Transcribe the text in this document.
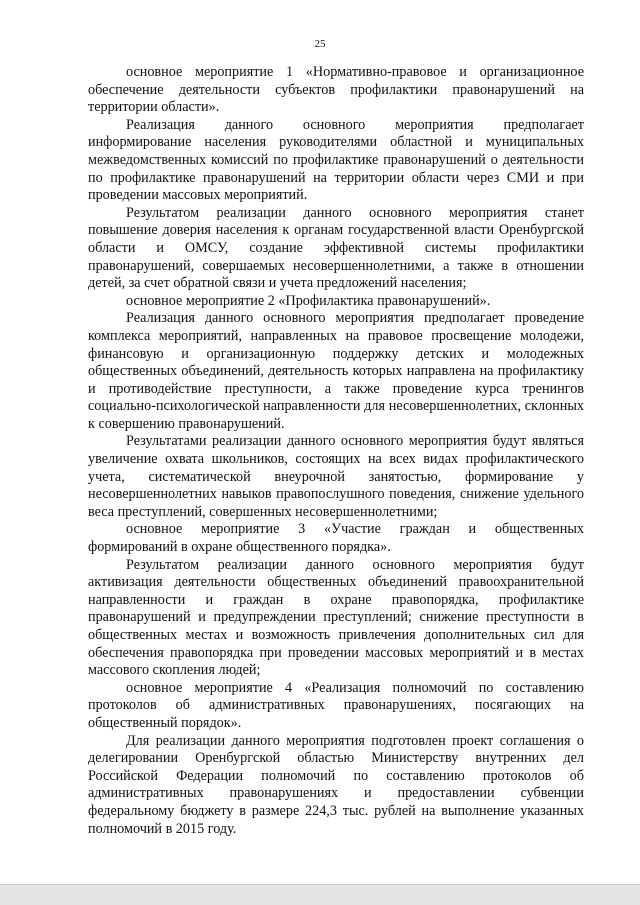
25

основное мероприятие 1 «Нормативно-правовое и организационное обеспечение деятельности субъектов профилактики правонарушений на территории области».

Реализация данного основного мероприятия предполагает информирование населения руководителями областной и муниципальных межведомственных комиссий по профилактике правонарушений о деятельности по профилактике правонарушений на территории области через СМИ и при проведении массовых мероприятий.

Результатом реализации данного основного мероприятия станет повышение доверия населения к органам государственной власти Оренбургской области и ОМСУ, создание эффективной системы профилактики правонарушений, совершаемых несовершеннолетними, а также в отношении детей, за счет обратной связи и учета предложений населения;

основное мероприятие 2 «Профилактика правонарушений».

Реализация данного основного мероприятия предполагает проведение комплекса мероприятий, направленных на правовое просвещение молодежи, финансовую и организационную поддержку детских и молодежных общественных объединений, деятельность которых направлена на профилактику и противодействие преступности, а также проведение курса тренингов социально-психологической направленности для несовершеннолетних, склонных к совершению правонарушений.

Результатами реализации данного основного мероприятия будут являться увеличение охвата школьников, состоящих на всех видах профилактического учета, систематической внеурочной занятостью, формирование у несовершеннолетних навыков правопослушного поведения, снижение удельного веса преступлений, совершенных несовершеннолетними;

основное мероприятие 3 «Участие граждан и общественных формирований в охране общественного порядка».

Результатом реализации данного основного мероприятия будут активизация деятельности общественных объединений правоохранительной направленности и граждан в охране правопорядка, профилактике правонарушений и предупреждении преступлений; снижение преступности в общественных местах и возможность привлечения дополнительных сил для обеспечения правопорядка при проведении массовых мероприятий и в местах массового скопления людей;

основное мероприятие 4 «Реализация полномочий по составлению протоколов об административных правонарушениях, посягающих на общественный порядок».

Для реализации данного мероприятия подготовлен проект соглашения о делегировании Оренбургской областью Министерству внутренних дел Российской Федерации полномочий по составлению протоколов об административных правонарушениях и предоставлении субвенции федеральному бюджету в размере 224,3 тыс. рублей на выполнение указанных полномочий в 2015 году.
